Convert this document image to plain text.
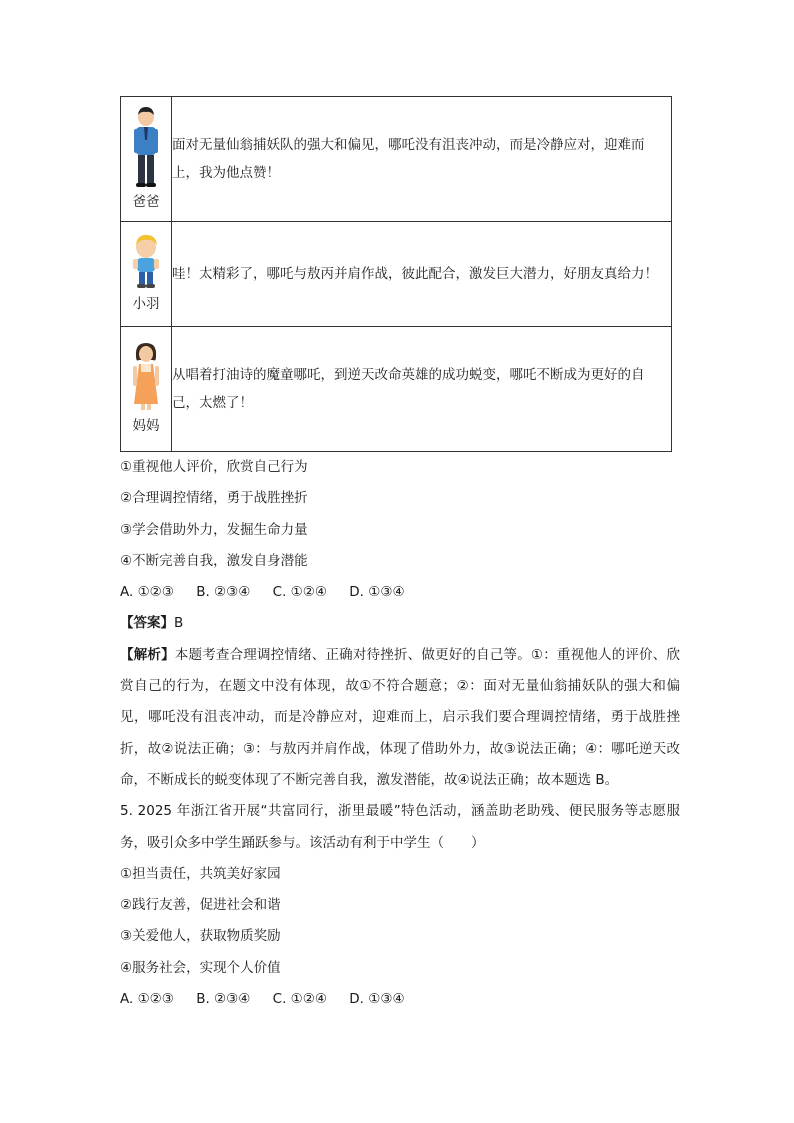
爸爸	面对无量仙翁捕妖队的强大和偏见，哪吒没有沮丧冲动，而是冷静应对，迎难而上，我为他点赞！

小羽	哇！太精彩了，哪吒与敖丙并肩作战，彼此配合，激发巨大潜力，好朋友真给力！

妈妈	从唱着打油诗的魔童哪吒，到逆天改命英雄的成功蜕变，哪吒不断成为更好的自己，太燃了！
①重视他人评价，欣赏自己行为
②合理调控情绪，勇于战胜挫折
③学会借助外力，发掘生命力量
④不断完善自我，激发自身潜能
A. ①②③ B. ②③④ C. ①②④ D. ①③④
【答案】B
【解析】本题考查合理调控情绪、正确对待挫折、做更好的自己等。①：重视他人的评价、欣赏自己的行为，在题文中没有体现，故①不符合题意；②：面对无量仙翁捕妖队的强大和偏见，哪吒没有沮丧冲动，而是冷静应对，迎难而上，启示我们要合理调控情绪，勇于战胜挫折，故②说法正确；③：与敖丙并肩作战，体现了借助外力，故③说法正确；④：哪吒逆天改命，不断成长的蜕变体现了不断完善自我，激发潜能，故④说法正确；故本题选 B。
5. 2025 年浙江省开展“共富同行，浙里最暖”特色活动，涵盖助老助残、便民服务等志愿服务，吸引众多中学生踊跃参与。该活动有利于中学生（　　）
①担当责任，共筑美好家园
②践行友善，促进社会和谐
③关爱他人，获取物质奖励
④服务社会，实现个人价值
A. ①②③ B. ②③④ C. ①②④ D. ①③④
